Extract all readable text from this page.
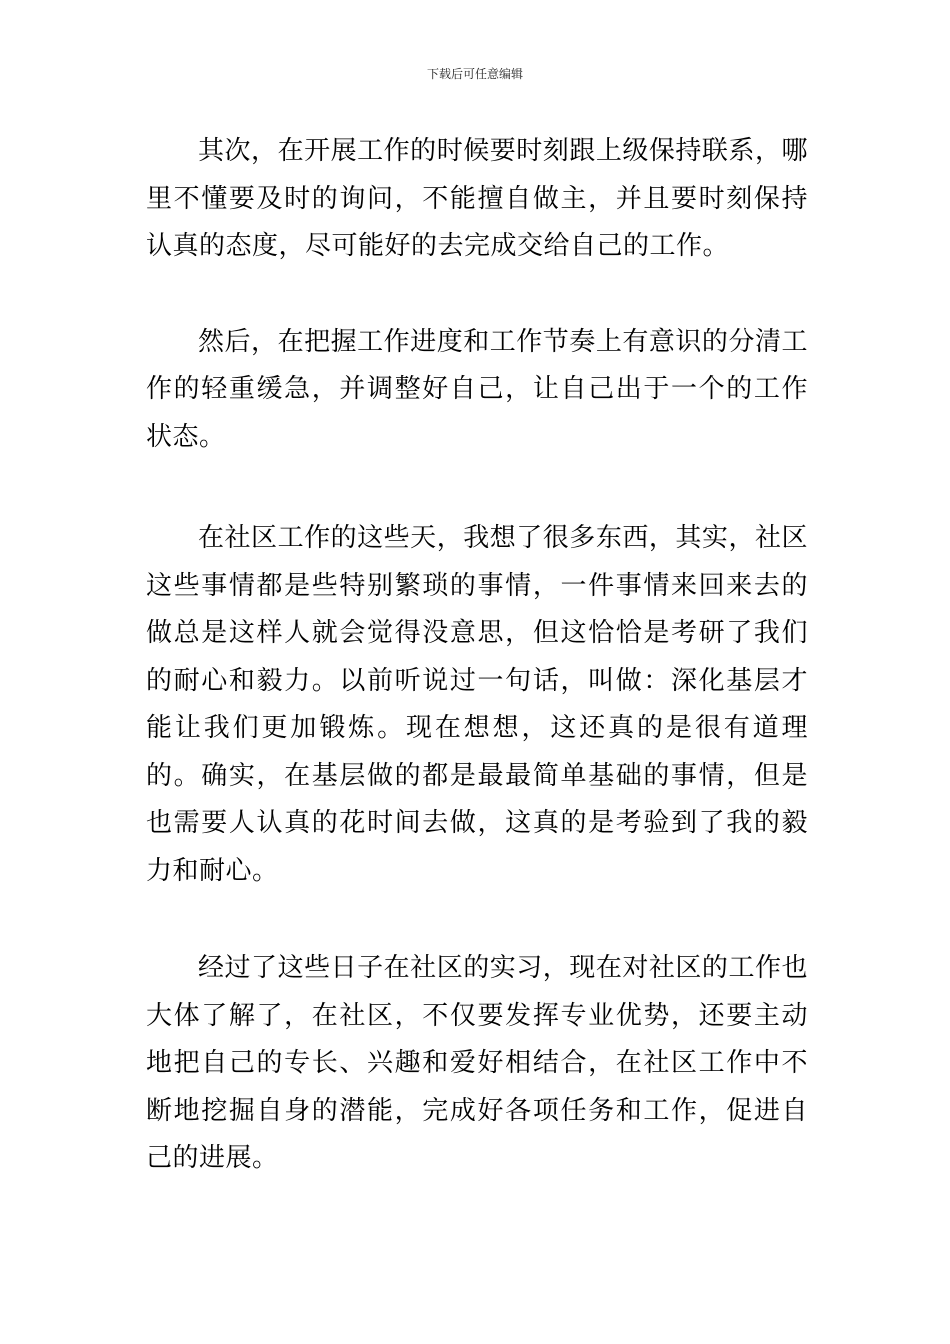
下载后可任意编辑

其次，在开展工作的时候要时刻跟上级保持联系，哪里不懂要及时的询问，不能擅自做主，并且要时刻保持认真的态度，尽可能好的去完成交给自己的工作。

然后，在把握工作进度和工作节奏上有意识的分清工作的轻重缓急，并调整好自己，让自己出于一个的工作状态。

在社区工作的这些天，我想了很多东西，其实，社区这些事情都是些特别繁琐的事情，一件事情来回来去的做总是这样人就会觉得没意思，但这恰恰是考研了我们的耐心和毅力。以前听说过一句话，叫做：深化基层才能让我们更加锻炼。现在想想，这还真的是很有道理的。确实，在基层做的都是最最简单基础的事情，但是也需要人认真的花时间去做，这真的是考验到了我的毅力和耐心。

经过了这些日子在社区的实习，现在对社区的工作也大体了解了，在社区，不仅要发挥专业优势，还要主动地把自己的专长、兴趣和爱好相结合，在社区工作中不断地挖掘自身的潜能，完成好各项任务和工作，促进自己的进展。
